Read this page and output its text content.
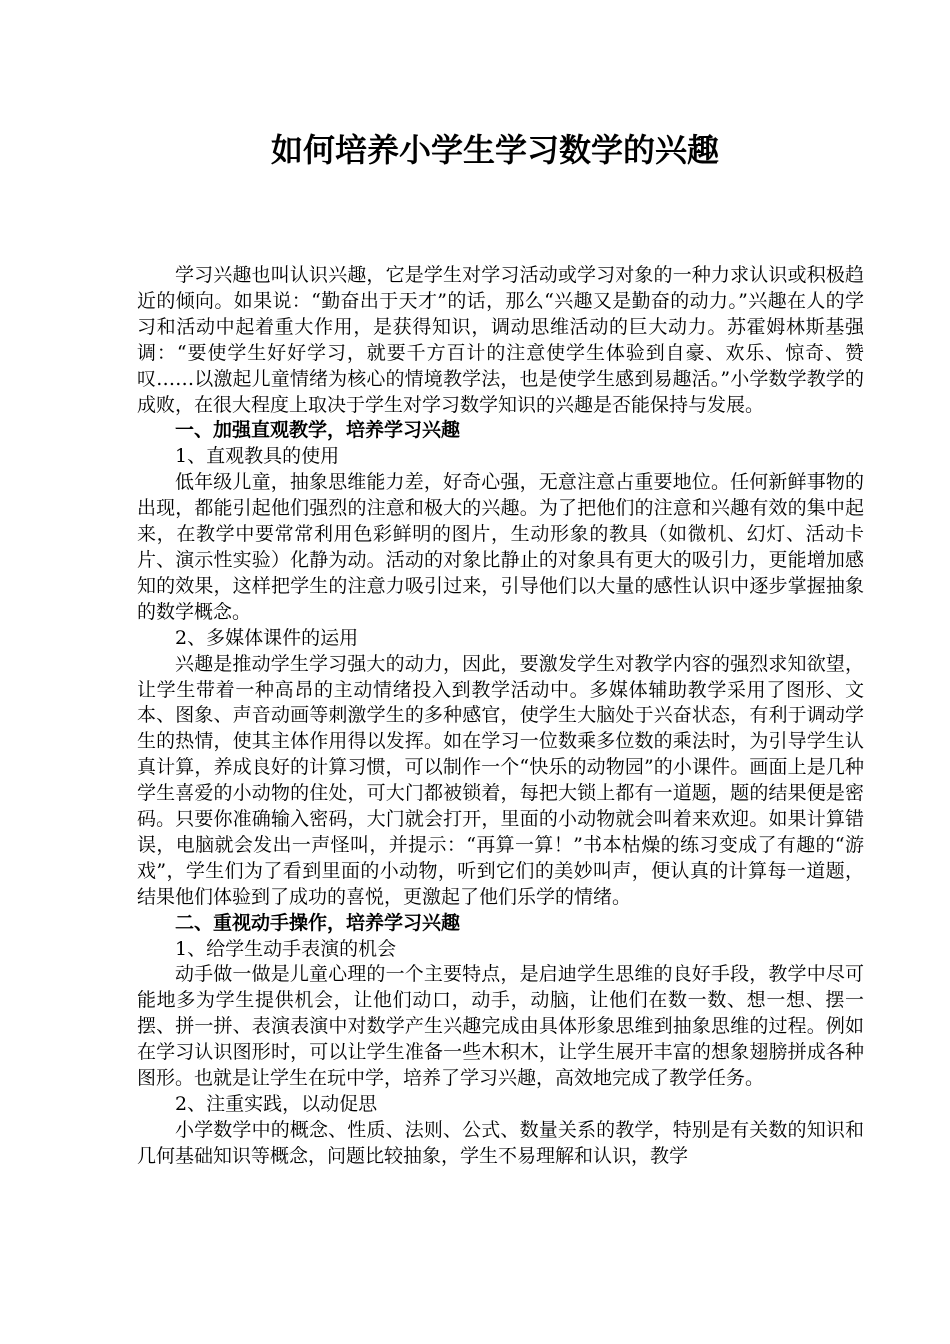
如何培养小学生学习数学的兴趣

学习兴趣也叫认识兴趣，它是学生对学习活动或学习对象的一种力求认识或积极趋近的倾向。如果说：“勤奋出于天才”的话，那么“兴趣又是勤奋的动力。”兴趣在人的学习和活动中起着重大作用，是获得知识，调动思维活动的巨大动力。苏霍姆林斯基强调：“要使学生好好学习，就要千方百计的注意使学生体验到自豪、欢乐、惊奇、赞叹……以激起儿童情绪为核心的情境教学法，也是使学生感到易趣活。”小学数学教学的成败，在很大程度上取决于学生对学习数学知识的兴趣是否能保持与发展。

一、加强直观教学，培养学习兴趣

1、直观教具的使用

低年级儿童，抽象思维能力差，好奇心强，无意注意占重要地位。任何新鲜事物的出现，都能引起他们强烈的注意和极大的兴趣。为了把他们的注意和兴趣有效的集中起来，在教学中要常常利用色彩鲜明的图片，生动形象的教具（如微机、幻灯、活动卡片、演示性实验）化静为动。活动的对象比静止的对象具有更大的吸引力，更能增加感知的效果，这样把学生的注意力吸引过来，引导他们以大量的感性认识中逐步掌握抽象的数学概念。

2、多媒体课件的运用

兴趣是推动学生学习强大的动力，因此，要激发学生对教学内容的强烈求知欲望，让学生带着一种高昂的主动情绪投入到教学活动中。多媒体辅助教学采用了图形、文本、图象、声音动画等刺激学生的多种感官，使学生大脑处于兴奋状态，有利于调动学生的热情，使其主体作用得以发挥。如在学习一位数乘多位数的乘法时，为引导学生认真计算，养成良好的计算习惯，可以制作一个“快乐的动物园”的小课件。画面上是几种学生喜爱的小动物的住处，可大门都被锁着，每把大锁上都有一道题，题的结果便是密码。只要你准确输入密码，大门就会打开，里面的小动物就会叫着来欢迎。如果计算错误，电脑就会发出一声怪叫，并提示：“再算一算！”书本枯燥的练习变成了有趣的“游戏”，学生们为了看到里面的小动物，听到它们的美妙叫声，便认真的计算每一道题，结果他们体验到了成功的喜悦，更激起了他们乐学的情绪。

二、重视动手操作，培养学习兴趣

1、给学生动手表演的机会

动手做一做是儿童心理的一个主要特点，是启迪学生思维的良好手段，教学中尽可能地多为学生提供机会，让他们动口，动手，动脑，让他们在数一数、想一想、摆一摆、拼一拼、表演表演中对数学产生兴趣完成由具体形象思维到抽象思维的过程。例如在学习认识图形时，可以让学生准备一些木积木，让学生展开丰富的想象翅膀拼成各种图形。也就是让学生在玩中学，培养了学习兴趣，高效地完成了教学任务。

2、注重实践，以动促思

小学数学中的概念、性质、法则、公式、数量关系的教学，特别是有关数的知识和几何基础知识等概念，问题比较抽象，学生不易理解和认识，教学
